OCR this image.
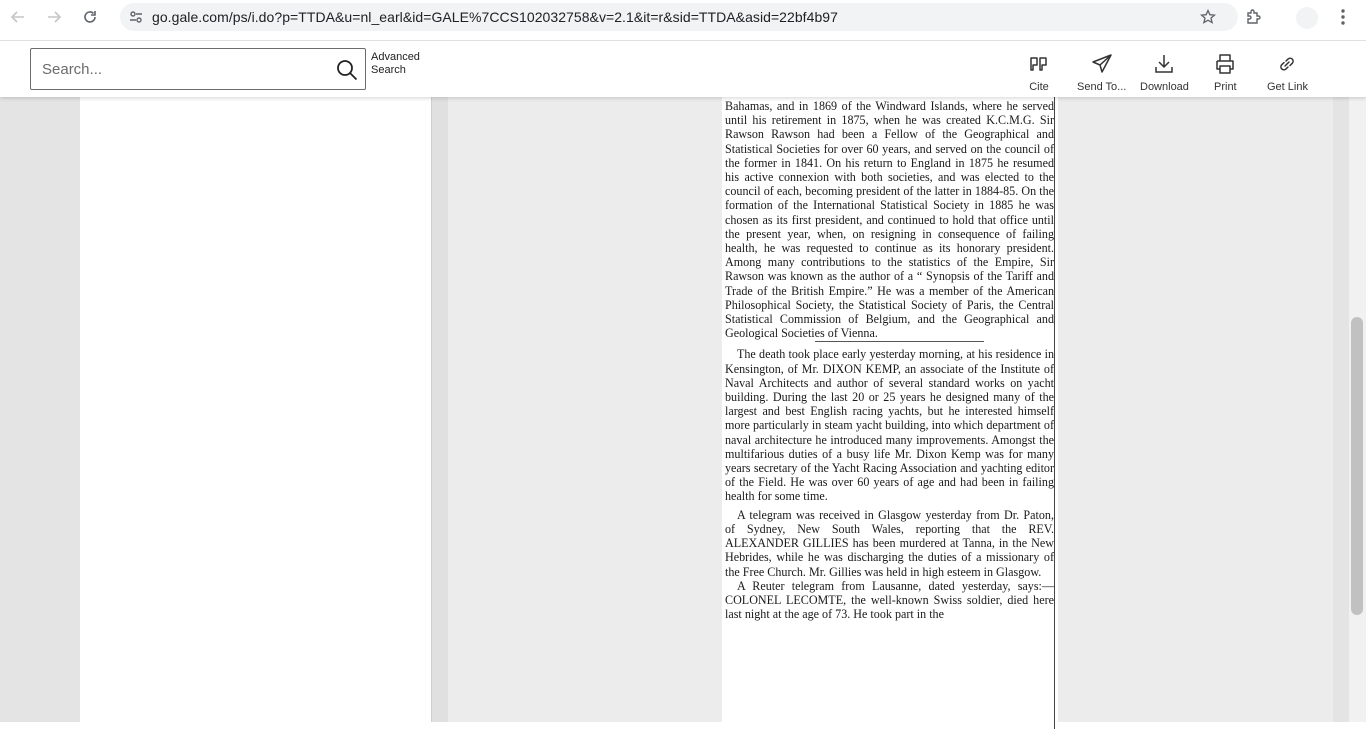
go.gale.com/ps/i.do?p=TTDA&u=nl_earl&id=GALE%7CCS102032758&v=2.1&it=r&sid=TTDA&asid=22bf4b97
Search...
Advanced
Search
Cite	Send To... Download Print	Get Link

Bahamas, and in 1869 of the Windward Islands, where he served until his retirement in 1875, when he was created K.C.M.G. Sir Rawson Rawson had been a Fellow of the Geographical and Statistical Societies for over 60 years, and served on the council of the former in 1841. On his return to England in 1875 he resumed his active connexion with both societies, and was elected to the council of each, becoming president of the latter in 1884-85. On the formation of the International Statistical Society in 1885 he was chosen as its first president, and continued to hold that office until the present year, when, on resigning in consequence of failing health, he was requested to continue as its honorary president. Among many contributions to the statistics of the Empire, Sir Rawson was known as the author of a “ Synopsis of the Tariff and Trade of the British Empire.” He was a member of the American Philosophical Society, the Statistical Society of Paris, the Central Statistical Commission of Belgium, and the Geographical and Geological Societies of Vienna.

The death took place early yesterday morning, at his residence in Kensington, of Mr. DIXON KEMP, an associate of the Institute of Naval Architects and author of several standard works on yacht building. During the last 20 or 25 years he designed many of the largest and best English racing yachts, but he interested himself more particularly in steam yacht building, into which department of naval architecture he introduced many improvements. Amongst the multifarious duties of a busy life Mr. Dixon Kemp was for many years secretary of the Yacht Racing Association and yachting editor of the Field. He was over 60 years of age and had been in failing health for some time.

A telegram was received in Glasgow yesterday from Dr. Paton, of Sydney, New South Wales, reporting that the REV. ALEXANDER GILLIES has been murdered at Tanna, in the New Hebrides, while he was discharging the duties of a missionary of the Free Church. Mr. Gillies was held in high esteem in Glasgow.

A Reuter telegram from Lausanne, dated yesterday, says:—COLONEL LECOMTE, the well-known Swiss soldier, died here last night at the age of 73. He took part in the
